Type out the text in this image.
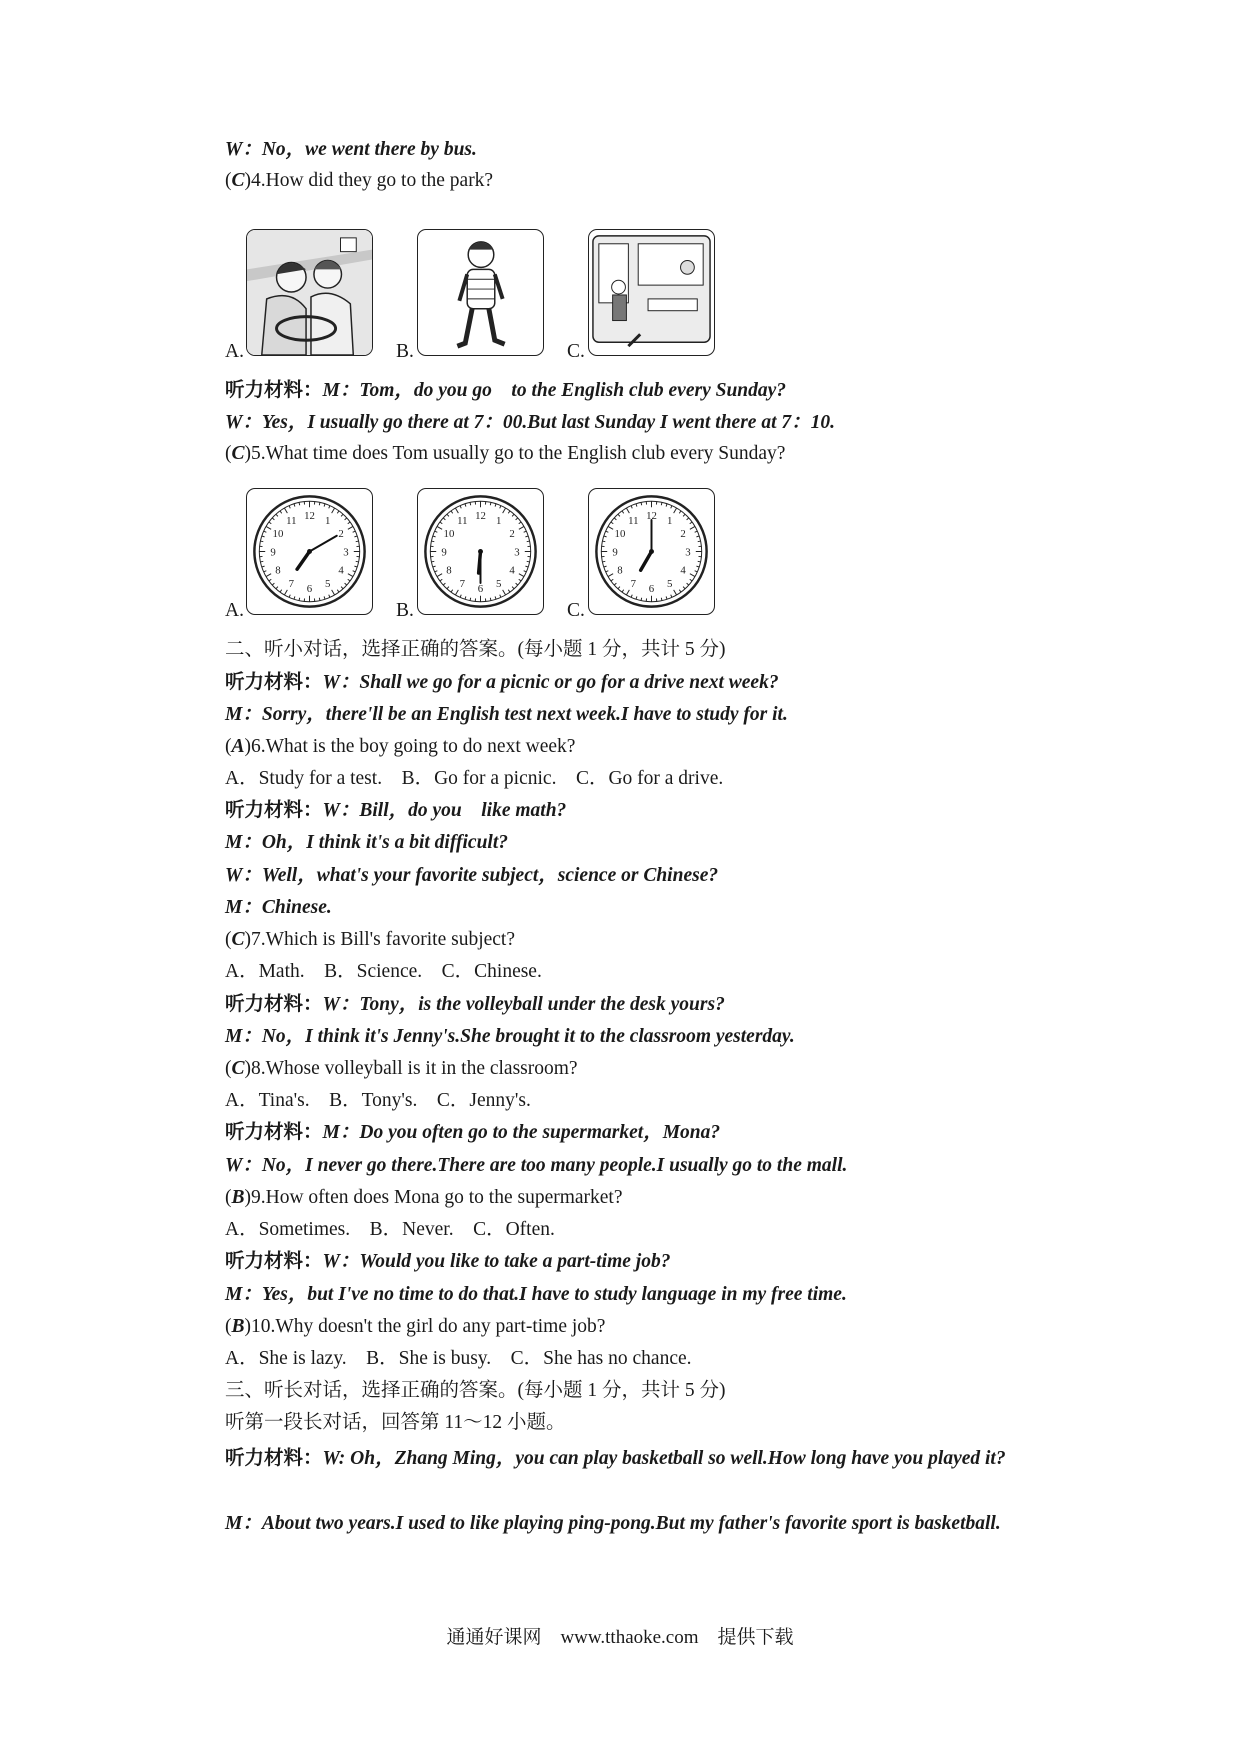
W：No，we went there by bus.
(C)4.How did they go to the park?
A.	B.	C.
听力材料：M：Tom，do you go　to the English club every Sunday?
W：Yes，I usually go there at 7：00.But last Sunday I went there at 7：10.
(C)5.What time does Tom usually go to the English club every Sunday?
A.
1
2
3
4
5
6
7
8
9
10
11 12
B.
1
2
3
4
5
6
7
8
9
10
11 12
C.
1
2
3
4
5
6
7
8
9
10
11 12
二、听小对话，选择正确的答案。(每小题 1 分，共计 5 分)
听力材料：W：Shall we go for a picnic or go for a drive next week?
M：Sorry，there'll be an English test next week.I have to study for it.
(A)6.What is the boy going to do next week?
A．Study for a test.　B．Go for a picnic.　C．Go for a drive.
听力材料：W：Bill，do you　like math?
M：Oh，I think it's a bit difficult?
W：Well，what's your favorite subject，science or Chinese?
M：Chinese.
(C)7.Which is Bill's favorite subject?
A．Math.　B．Science.　C．Chinese.
听力材料：W：Tony，is the volleyball under the desk yours?
M：No，I think it's Jenny's.She brought it to the classroom yesterday.
(C)8.Whose volleyball is it in the classroom?
A．Tina's.　B．Tony's.　C．Jenny's.
听力材料：M：Do you often go to the supermarket，Mona?
W：No，I never go there.There are too many people.I usually go to the mall.
(B)9.How often does Mona go to the supermarket?
A．Sometimes.　B．Never.　C．Often.
听力材料：W：Would you like to take a part-time job?
M：Yes，but I've no time to do that.I have to study language in my free time.
(B)10.Why doesn't the girl do any part-time job?
A．She is lazy.　B．She is busy.　C．She has no chance.
三、听长对话，选择正确的答案。(每小题 1 分，共计 5 分)
听第一段长对话，回答第 11～12 小题。
听力材料：W: Oh，Zhang Ming，you can play basketball so well.How long have you played it?
M：About two years.I used to like playing ping-pong.But my father's favorite sport is basketball.
通通好课网　www.tthaoke.com　提供下载
